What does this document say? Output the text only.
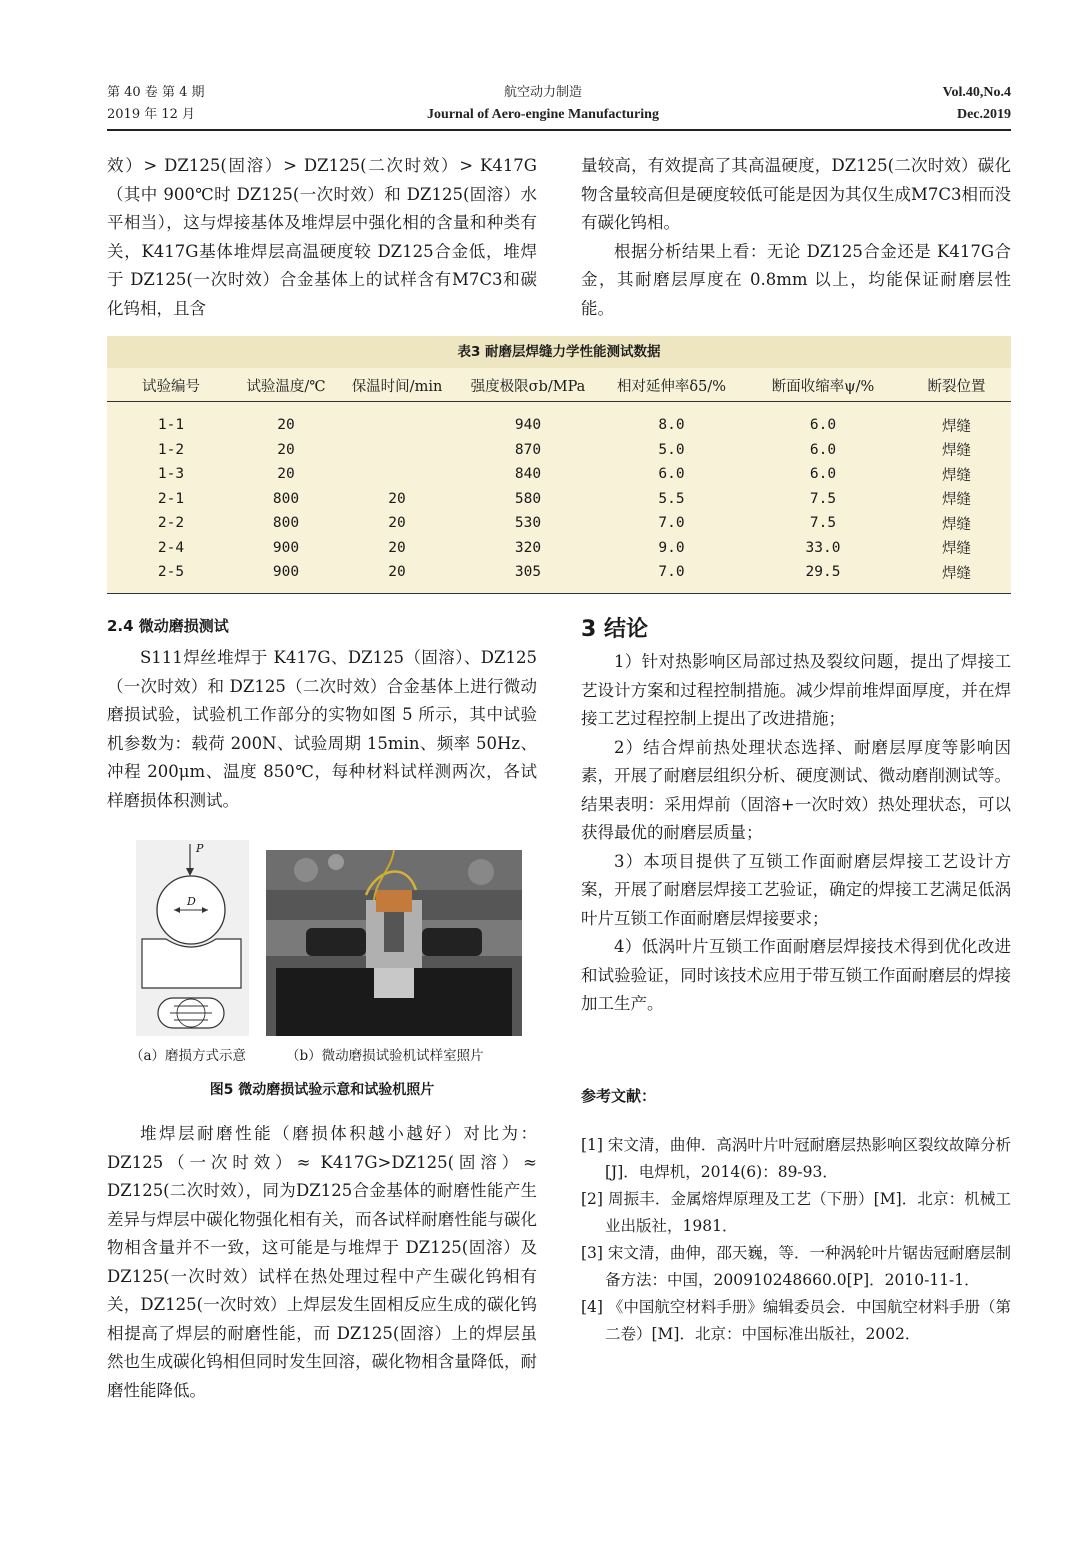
第 40 卷 第 4 期
2019 年 12 月
航空动力制造
Journal of Aero-engine Manufacturing
Vol.40,No.4
Dec.2019

效）> DZ125(固溶）> DZ125(二次时效）> K417G（其中 900℃时 DZ125(一次时效）和 DZ125(固溶）水平相当），这与焊接基体及堆焊层中强化相的含量和种类有关，K417G基体堆焊层高温硬度较 DZ125合金低，堆焊于 DZ125(一次时效）合金基体上的试样含有M7C3和碳化钨相，且含

量较高，有效提高了其高温硬度，DZ125(二次时效）碳化物含量较高但是硬度较低可能是因为其仅生成M7C3相而没有碳化钨相。

根据分析结果上看：无论 DZ125合金还是 K417G合金，其耐磨层厚度在 0.8mm 以上，均能保证耐磨层性能。

表3 耐磨层焊缝力学性能测试数据
试验编号	试验温度/℃	保温时间/min	强度极限σb/MPa	相对延伸率δ5/%	断面收缩率ψ/%	断裂位置
1-1	20		940	8.0	6.0	焊缝
1-2	20		870	5.0	6.0	焊缝
1-3	20		840	6.0	6.0	焊缝
2-1	800	20	580	5.5	7.5	焊缝
2-2	800	20	530	7.0	7.5	焊缝
2-4	900	20	320	9.0	33.0	焊缝
2-5	900	20	305	7.0	29.5	焊缝
2.4 微动磨损测试

S111焊丝堆焊于 K417G、DZ125（固溶）、DZ125（一次时效）和 DZ125（二次时效）合金基体上进行微动磨损试验，试验机工作部分的实物如图 5 所示，其中试验机参数为：载荷 200N、试验周期 15min、频率 50Hz、冲程 200μm、温度 850℃，每种材料试样测两次，各试样磨损体积测试。

P
D
（a）磨损方式示意	（b）微动磨损试验机试样室照片
图5 微动磨损试验示意和试验机照片

堆焊层耐磨性能（磨损体积越小越好）对比为：DZ125（一次时效）≈ K417G>DZ125(固溶）≈ DZ125(二次时效），同为DZ125合金基体的耐磨性能产生差异与焊层中碳化物强化相有关，而各试样耐磨性能与碳化物相含量并不一致，这可能是与堆焊于 DZ125(固溶）及 DZ125(一次时效）试样在热处理过程中产生碳化钨相有关，DZ125(一次时效）上焊层发生固相反应生成的碳化钨相提高了焊层的耐磨性能，而 DZ125(固溶）上的焊层虽然也生成碳化钨相但同时发生回溶，碳化物相含量降低，耐磨性能降低。

3 结论

1）针对热影响区局部过热及裂纹问题，提出了焊接工艺设计方案和过程控制措施。减少焊前堆焊面厚度，并在焊接工艺过程控制上提出了改进措施；

2）结合焊前热处理状态选择、耐磨层厚度等影响因素，开展了耐磨层组织分析、硬度测试、微动磨削测试等。结果表明：采用焊前（固溶+一次时效）热处理状态，可以获得最优的耐磨层质量；

3）本项目提供了互锁工作面耐磨层焊接工艺设计方案，开展了耐磨层焊接工艺验证，确定的焊接工艺满足低涡叶片互锁工作面耐磨层焊接要求；

4）低涡叶片互锁工作面耐磨层焊接技术得到优化改进和试验验证，同时该技术应用于带互锁工作面耐磨层的焊接加工生产。

参考文献：

[1] 宋文清，曲伸．高涡叶片叶冠耐磨层热影响区裂纹故障分析[J]．电焊机，2014(6)：89-93．

[2] 周振丰．金属熔焊原理及工艺（下册）[M]．北京：机械工业出版社，1981．

[3] 宋文清，曲伸，邵天巍，等．一种涡轮叶片锯齿冠耐磨层制备方法：中国，200910248660.0[P]．2010-11-1．

[4] 《中国航空材料手册》编辑委员会．中国航空材料手册（第二卷）[M]．北京：中国标准出版社，2002．
